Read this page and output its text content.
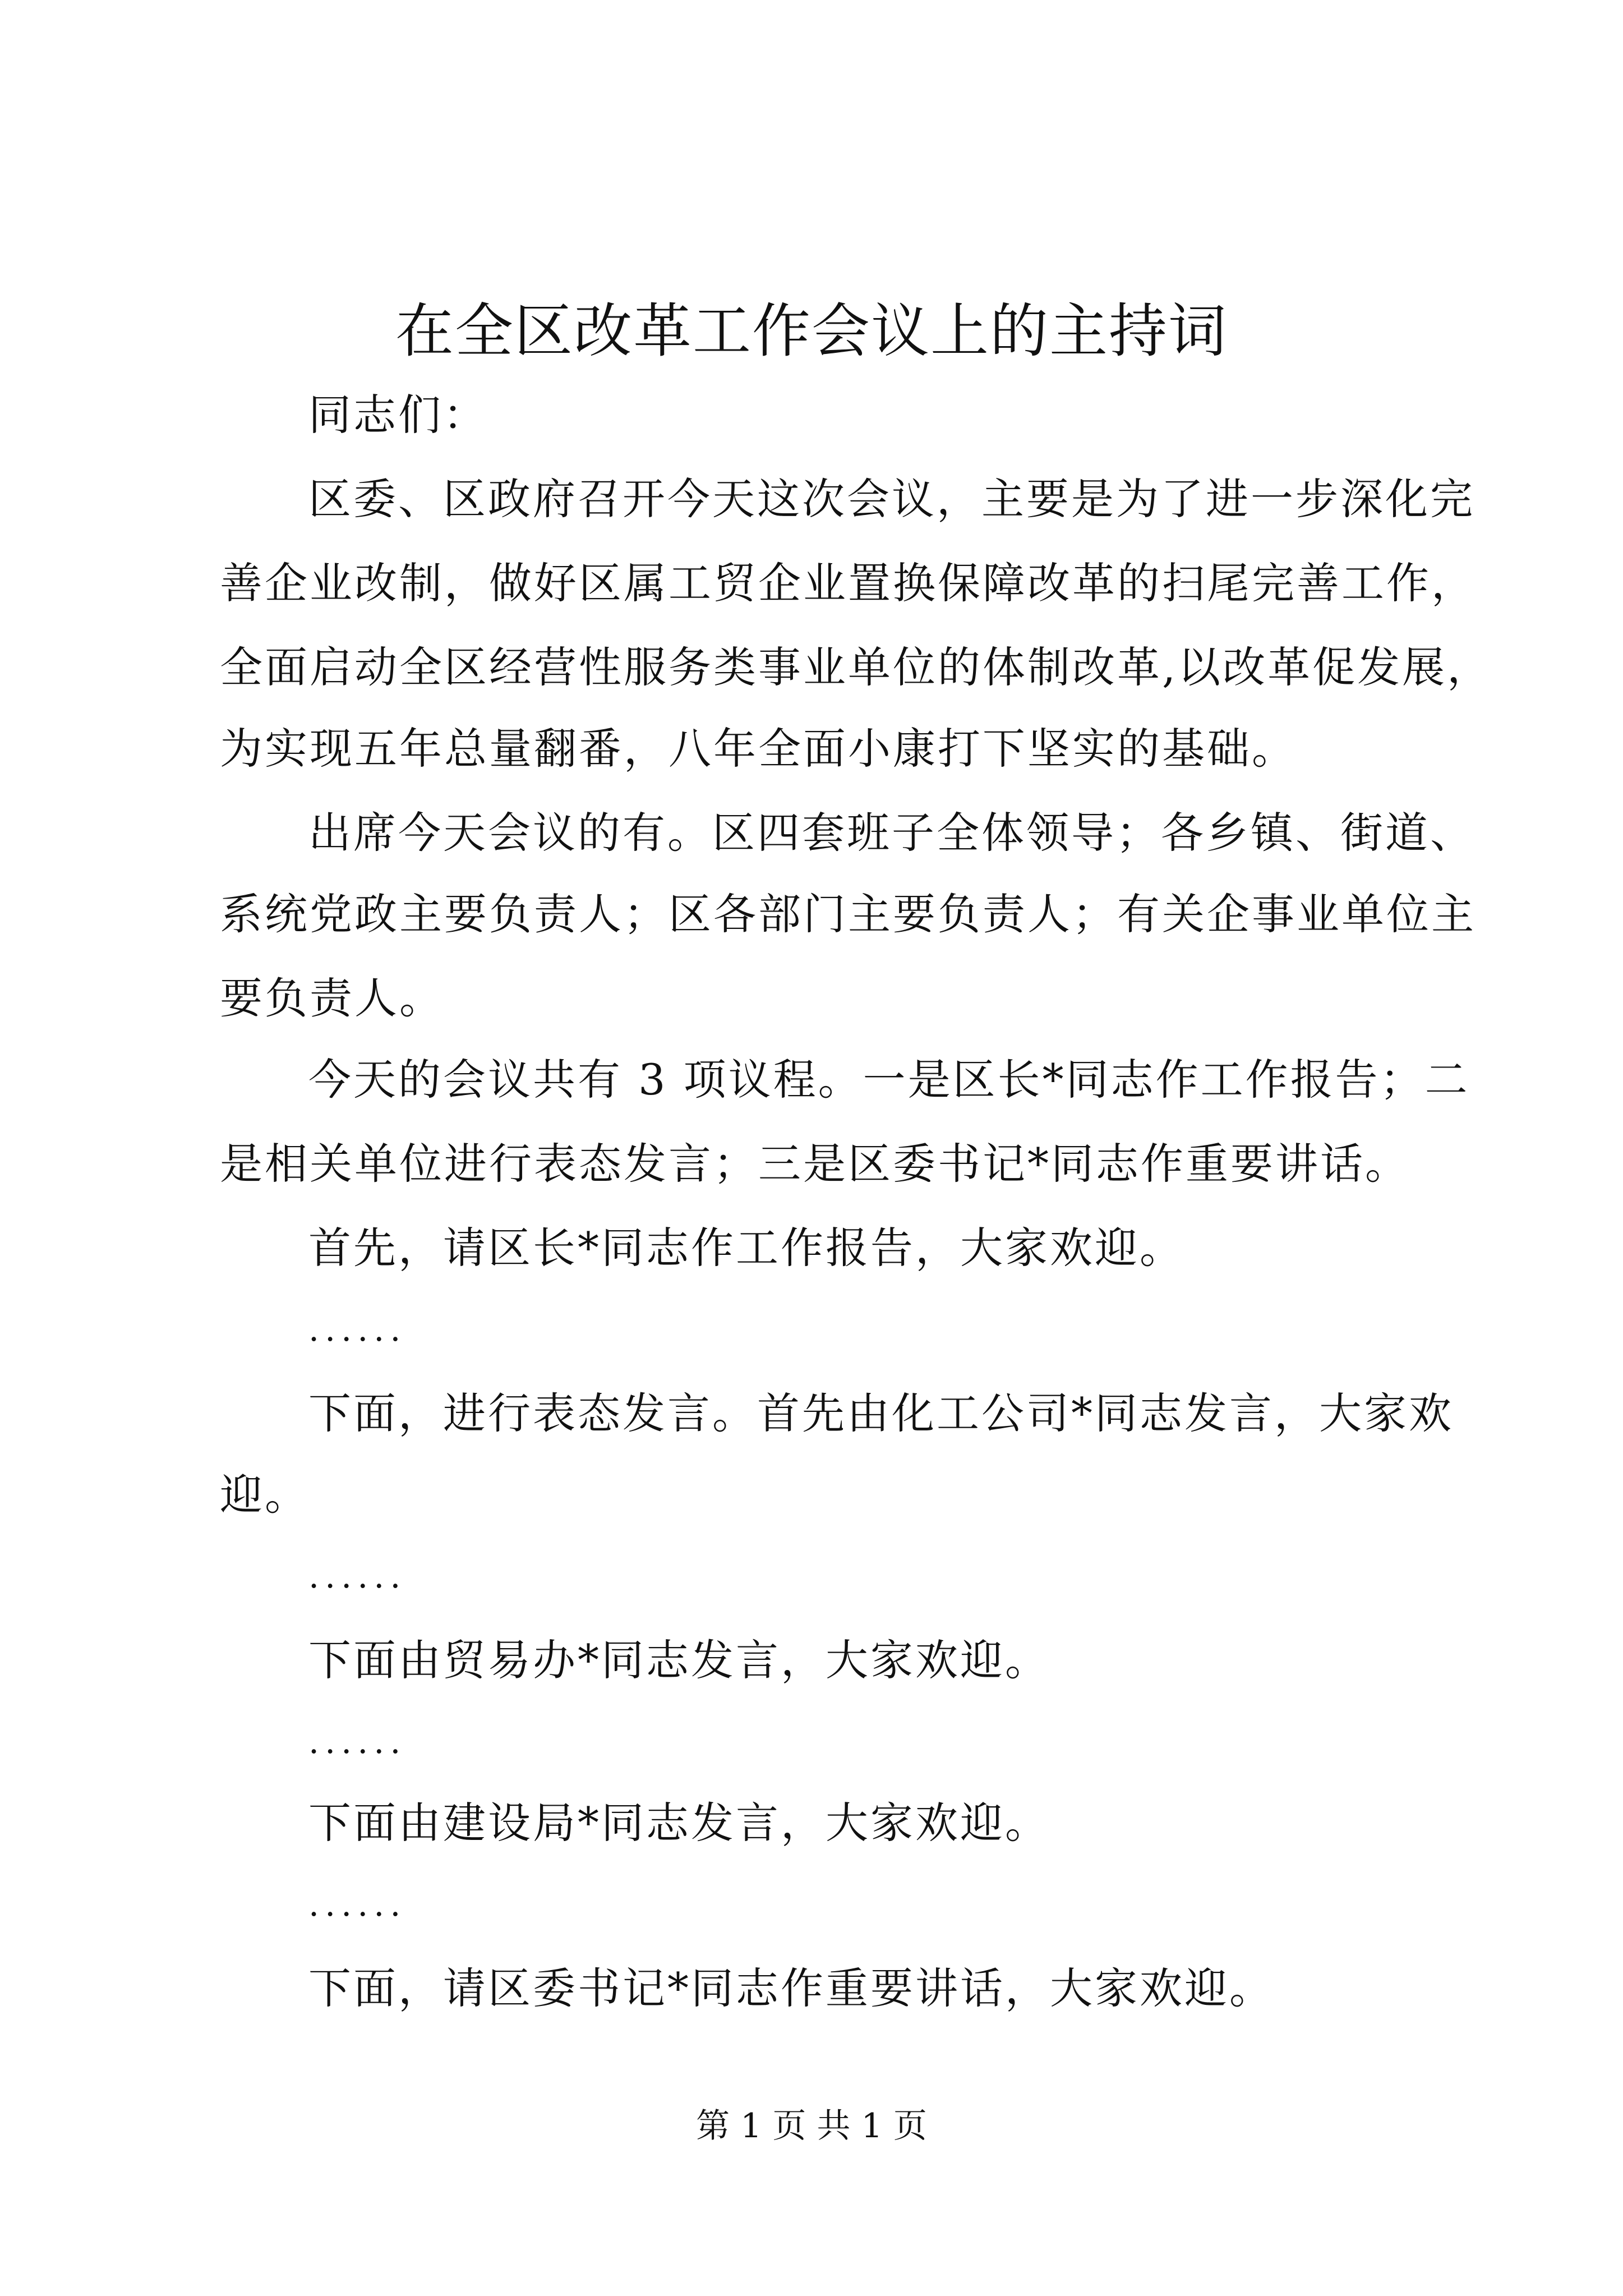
在全区改革工作会议上的主持词

同志们：

区委、区政府召开今天这次会议，主要是为了进一步深化完

善企业改制，做好区属工贸企业置换保障改革的扫尾完善工作，

全面启动全区经营性服务类事业单位的体制改革,以改革促发展，

为实现五年总量翻番，八年全面小康打下坚实的基础。

出席今天会议的有。区四套班子全体领导；各乡镇、街道、

系统党政主要负责人；区各部门主要负责人；有关企事业单位主

要负责人。

今天的会议共有 3 项议程。一是区长*同志作工作报告；二

是相关单位进行表态发言；三是区委书记*同志作重要讲话。

首先，请区长*同志作工作报告，大家欢迎。

......

下面，进行表态发言。首先由化工公司*同志发言，大家欢

迎。

......

下面由贸易办*同志发言，大家欢迎。

......

下面由建设局*同志发言，大家欢迎。

......

下面，请区委书记*同志作重要讲话，大家欢迎。

第 1 页 共 1 页
